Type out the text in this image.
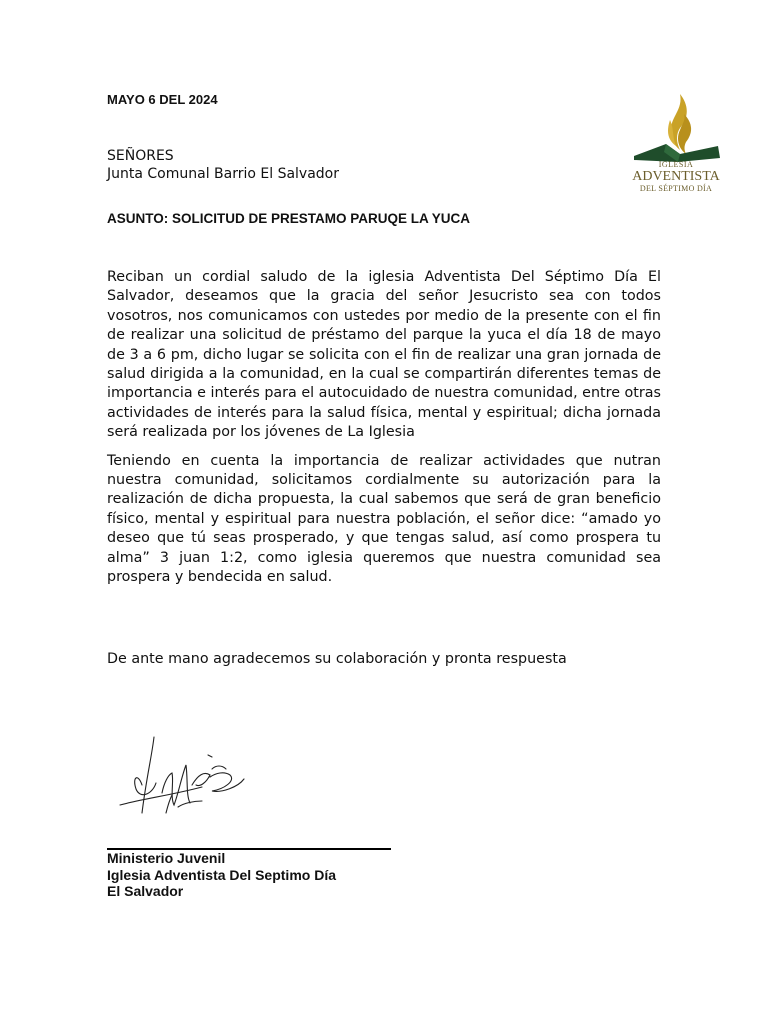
MAYO 6 DEL 2024
SEÑORES
Junta Comunal Barrio El Salvador
ASUNTO: SOLICITUD DE PRESTAMO PARUQE LA YUCA

Reciban un cordial saludo de la iglesia Adventista Del Séptimo Día El Salvador, deseamos que la gracia del señor Jesucristo sea con todos vosotros, nos comunicamos con ustedes por medio de la presente con el fin de realizar una solicitud de préstamo del parque la yuca el día 18 de mayo de 3 a 6 pm, dicho lugar se solicita con el fin de realizar una gran jornada de salud dirigida a la comunidad, en la cual se compartirán diferentes temas de importancia e interés para el autocuidado de nuestra comunidad, entre otras actividades de interés para la salud física, mental y espiritual; dicha jornada será realizada por los jóvenes de La Iglesia

Teniendo en cuenta la importancia de realizar actividades que nutran nuestra comunidad, solicitamos cordialmente su autorización para la realización de dicha propuesta, la cual sabemos que será de gran beneficio físico, mental y espiritual para nuestra población, el señor dice: “amado yo deseo que tú seas prosperado, y que tengas salud, así como prospera tu alma” 3 juan 1:2, como iglesia queremos que nuestra comunidad sea prospera y bendecida en salud.

De ante mano agradecemos su colaboración y pronta respuesta
Ministerio Juvenil
Iglesia Adventista Del Septimo Día
El Salvador
IGLESIA
ADVENTISTA
DEL SÉPTIMO DÍA
